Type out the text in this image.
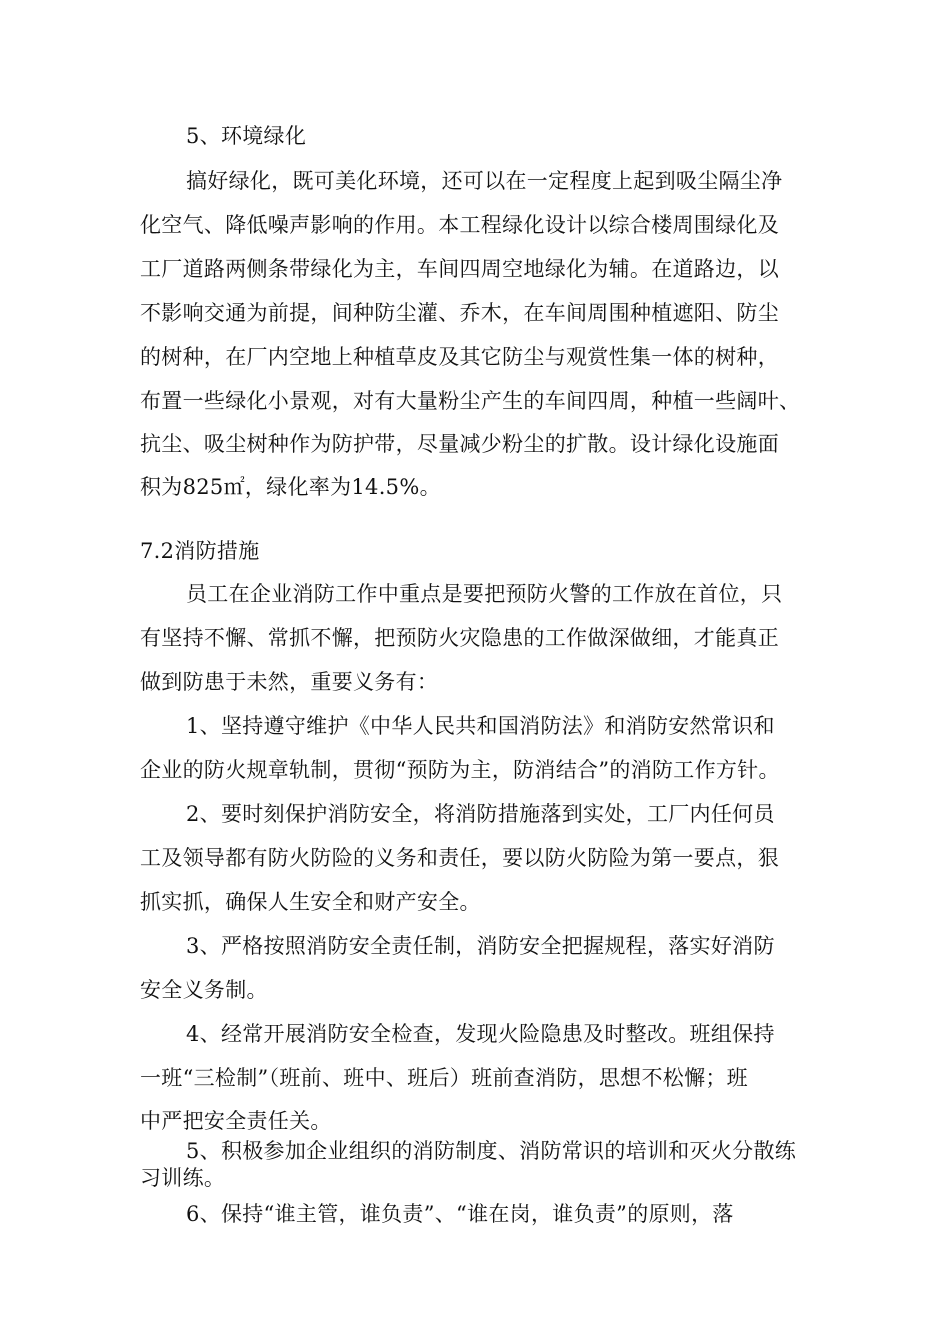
5、环境绿化
搞好绿化，既可美化环境，还可以在一定程度上起到吸尘隔尘净
化空气、降低噪声影响的作用。本工程绿化设计以综合楼周围绿化及
工厂道路两侧条带绿化为主，车间四周空地绿化为辅。在道路边，以
不影响交通为前提，间种防尘灌、乔木，在车间周围种植遮阳、防尘
的树种，在厂内空地上种植草皮及其它防尘与观赏性集一体的树种，
布置一些绿化小景观，对有大量粉尘产生的车间四周，种植一些阔叶、
抗尘、吸尘树种作为防护带，尽量减少粉尘的扩散。设计绿化设施面
积为825㎡，绿化率为14.5%。
7.2消防措施
员工在企业消防工作中重点是要把预防火警的工作放在首位，只
有坚持不懈、常抓不懈，把预防火灾隐患的工作做深做细，才能真正
做到防患于未然，重要义务有：
1、坚持遵守维护《中华人民共和国消防法》和消防安然常识和
企业的防火规章轨制，贯彻“预防为主，防消结合”的消防工作方针。
2、要时刻保护消防安全，将消防措施落到实处，工厂内任何员
工及领导都有防火防险的义务和责任，要以防火防险为第一要点，狠
抓实抓，确保人生安全和财产安全。
3、严格按照消防安全责任制，消防安全把握规程，落实好消防
安全义务制。
4、经常开展消防安全检查，发现火险隐患及时整改。班组保持
一班“三检制”（班前、班中、班后）班前查消防，思想不松懈；班
中严把安全责任关。
5、积极参加企业组织的消防制度、消防常识的培训和灭火分散练
习训练。
6、保持“谁主管，谁负责”、“谁在岗，谁负责”的原则，落
